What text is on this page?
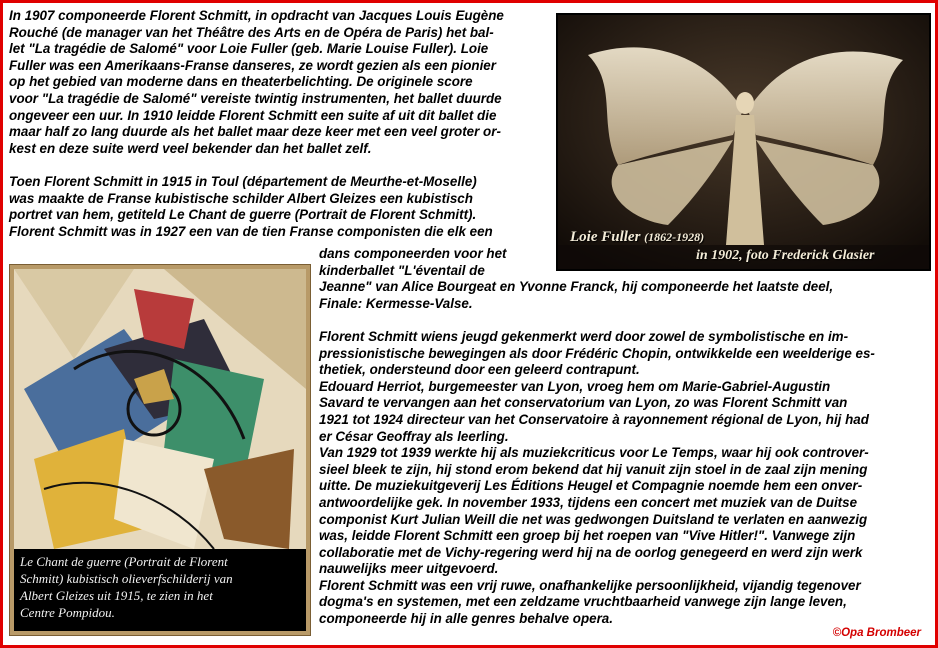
In 1907 componeerde Florent Schmitt, in opdracht van Jacques Louis Eugène
Rouché (de manager van het Théâtre des Arts en de Opéra de Paris) het bal-
let "La tragédie de Salomé" voor Loie Fuller (geb. Marie Louise Fuller). Loie
Fuller was een Amerikaans-Franse danseres, ze wordt gezien als een pionier
op het gebied van moderne dans en theaterbelichting. De originele score
voor "La tragédie de Salomé" vereiste twintig instrumenten, het ballet duurde
ongeveer een uur. In 1910 leidde Florent Schmitt een suite af uit dit ballet die
maar half zo lang duurde als het ballet maar deze keer met een veel groter or-
kest en deze suite werd veel bekender dan het ballet zelf.
Toen Florent Schmitt in 1915 in Toul (département de Meurthe-et-Moselle)
was maakte de Franse kubistische schilder Albert Gleizes een kubistisch
portret van hem, getiteld Le Chant de guerre (Portrait de Florent Schmitt).
Florent Schmitt was in 1927 een van de tien Franse componisten die elk een
dans componeerden voor het
kinderballet "L'éventail de
Jeanne" van Alice Bourgeat en Yvonne Franck, hij componeerde het laatste deel,
Finale: Kermesse-Valse.
Florent Schmitt wiens jeugd gekenmerkt werd door zowel de symbolistische en im-
pressionistische bewegingen als door Frédéric Chopin, ontwikkelde een weelderige es-
thetiek, ondersteund door een geleerd contrapunt.
Edouard Herriot, burgemeester van Lyon, vroeg hem om Marie-Gabriel-Augustin
Savard te vervangen aan het conservatorium van Lyon, zo was Florent Schmitt van
1921 tot 1924 directeur van het Conservatoire à rayonnement régional de Lyon, hij had
er César Geoffray als leerling.
Van 1929 tot 1939 werkte hij als muziekcriticus voor Le Temps, waar hij ook controver-
sieel bleek te zijn, hij stond erom bekend dat hij vanuit zijn stoel in de zaal zijn mening
uitte. De muziekuitgeverij Les Éditions Heugel et Compagnie noemde hem een onver-
antwoordelijke gek. In november 1933, tijdens een concert met muziek van de Duitse
componist Kurt Julian Weill die net was gedwongen Duitsland te verlaten en aanwezig
was, leidde Florent Schmitt een groep bij het roepen van "Vive Hitler!". Vanwege zijn
collaboratie met de Vichy-regering werd hij na de oorlog genegeerd en werd zijn werk
nauwelijks meer uitgevoerd.
Florent Schmitt was een vrij ruwe, onafhankelijke persoonlijkheid, vijandig tegenover
dogma's en systemen, met een zeldzame vruchtbaarheid vanwege zijn lange leven,
componeerde hij in alle genres behalve opera.
Loie Fuller (1862-1928)
in 1902, foto Frederick Glasier
Le Chant de guerre (Portrait de Florent
Schmitt) kubistisch olieverfschilderij van
Albert Gleizes uit 1915, te zien in het
Centre Pompidou.
©Opa Brombeer
